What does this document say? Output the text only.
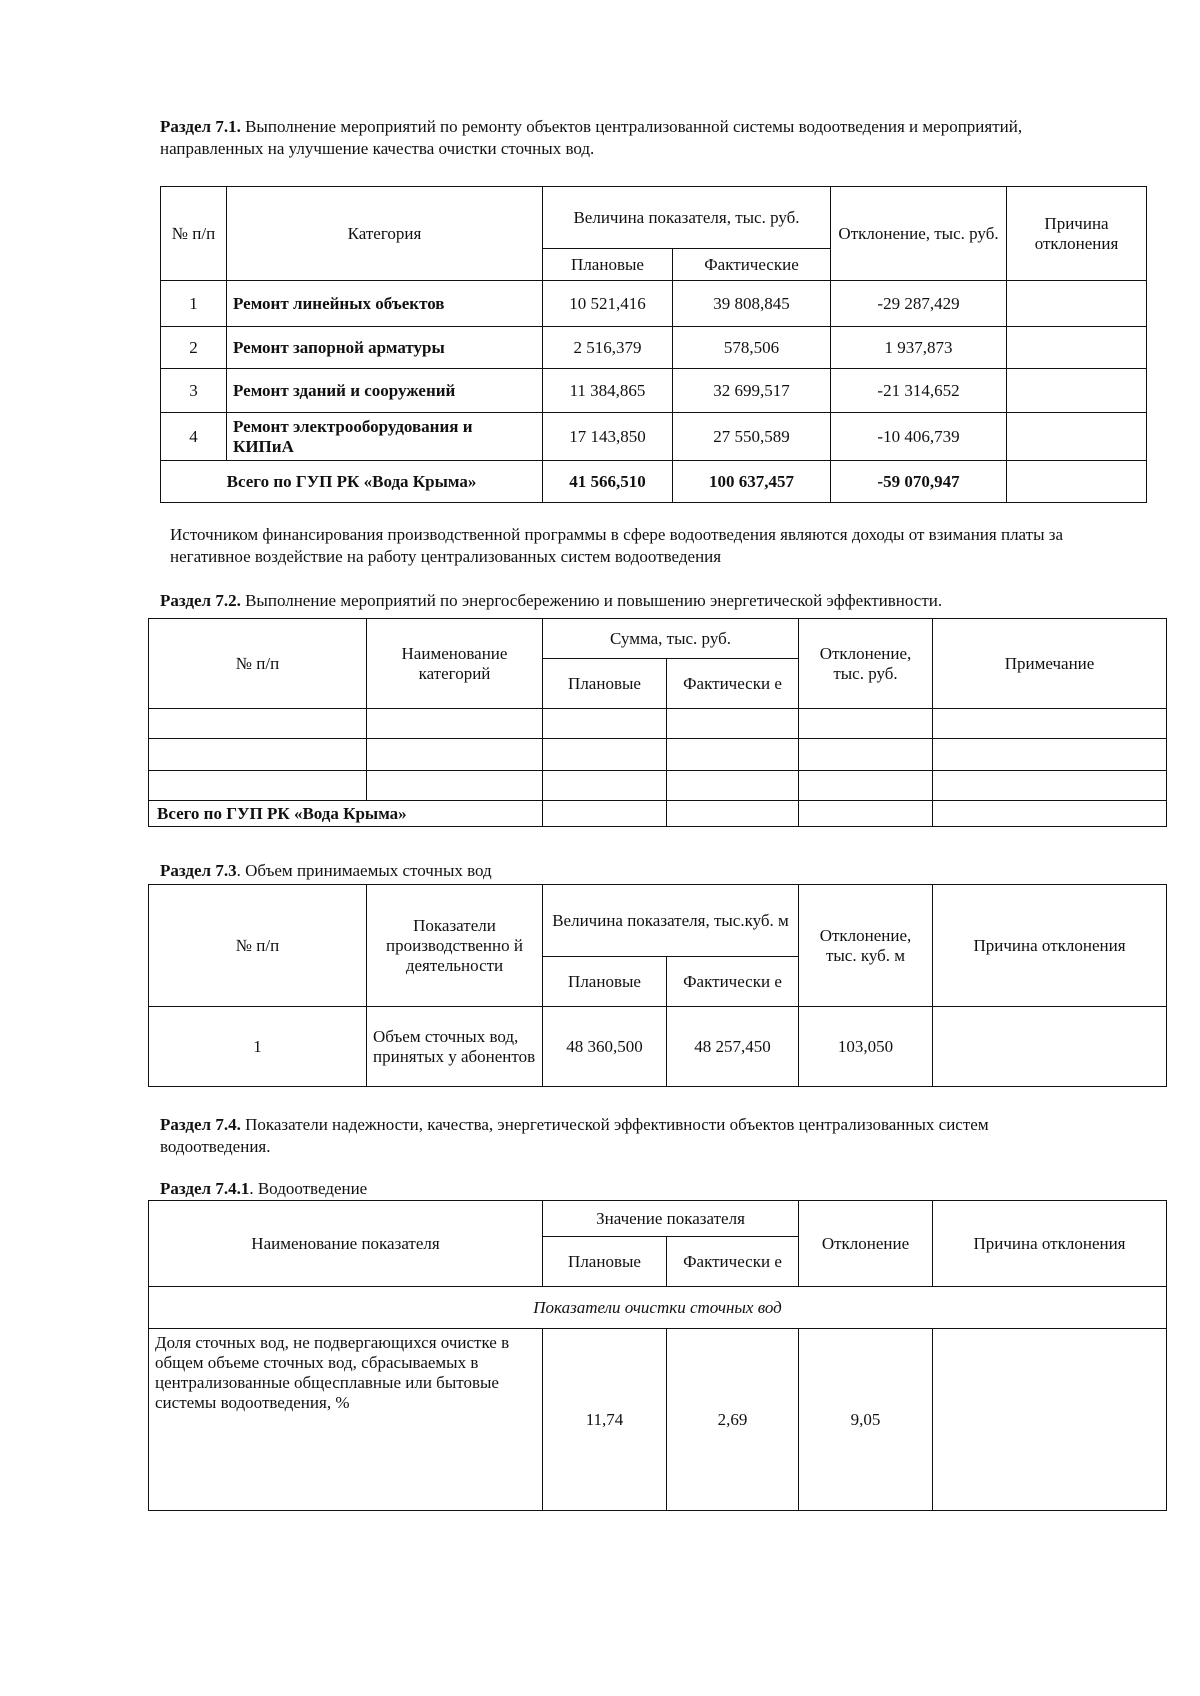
Раздел 7.1. Выполнение мероприятий по ремонту объектов централизованной системы водоотведения и мероприятий, направленных на улучшение качества очистки сточных вод.
№ п/п	Категория	Величина показателя, тыс. руб.		Отклонение, тыс. руб.	Причина отклонения
		Плановые	Фактические		
1	Ремонт линейных объектов	10 521,416	39 808,845	-29 287,429	
2	Ремонт запорной арматуры	2 516,379	578,506	1 937,873	
3	Ремонт зданий и сооружений	11 384,865	32 699,517	-21 314,652	
4	Ремонт электрооборудования и КИПиА	17 143,850	27 550,589	-10 406,739	
Всего по ГУП РК «Вода Крыма»		41 566,510	100 637,457	-59 070,947	
Источником финансирования производственной программы в сфере водоотведения являются доходы от взимания платы за негативное воздействие на работу централизованных систем водоотведения
Раздел 7.2. Выполнение мероприятий по энергосбережению и повышению энергетической эффективности.
№ п/п	Наименование категорий	Сумма, тыс. руб.		Отклонение, тыс. руб.	Примечание
		Плановые	Фактически е		

Всего по ГУП РК «Вода Крыма»					
Раздел 7.3. Объем принимаемых сточных вод
№ п/п	Показатели производственно й деятельности	Величина показателя, тыс.куб. м		Отклонение, тыс. куб. м	Причина отклонения
		Плановые	Фактически е		
1	Объем сточных вод, принятых у абонентов	48 360,500	48 257,450	103,050	
Раздел 7.4. Показатели надежности, качества, энергетической эффективности объектов централизованных систем водоотведения.
Раздел 7.4.1. Водоотведение
Наименование показателя	Значение показателя		Отклонение	Причина отклонения
	Плановые	Фактически е		
Показатели очистки сточных вод				
Доля сточных вод, не подвергающихся очистке в общем объеме сточных вод, сбрасываемых в централизованные общесплавные или бытовые системы водоотведения, %	11,74	2,69	9,05	
